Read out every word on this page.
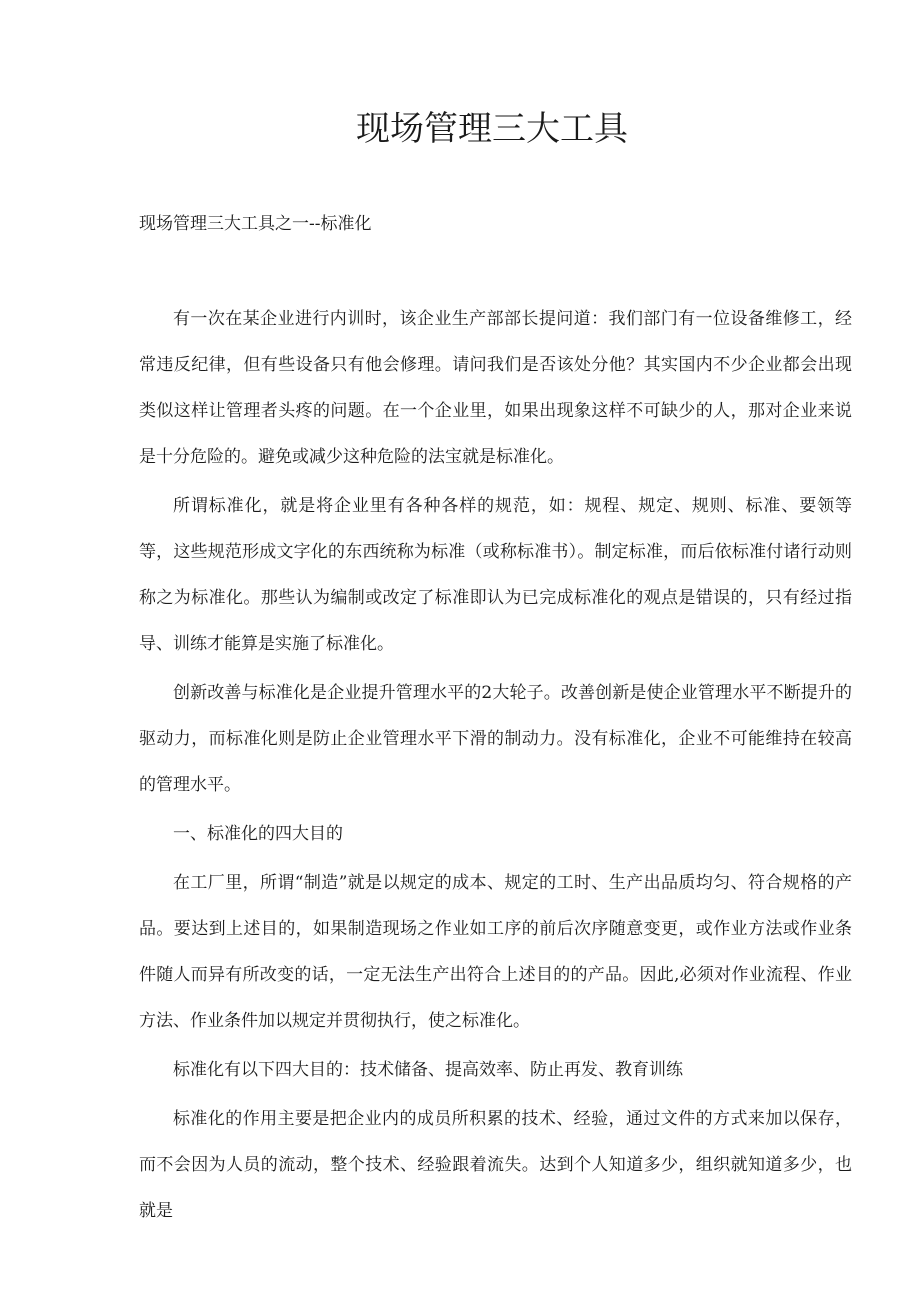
现场管理三大工具

现场管理三大工具之一--标准化

有一次在某企业进行内训时，该企业生产部部长提问道：我们部门有一位设备维修工，经常违反纪律，但有些设备只有他会修理。请问我们是否该处分他？其实国内不少企业都会出现类似这样让管理者头疼的问题。在一个企业里，如果出现象这样不可缺少的人，那对企业来说是十分危险的。避免或减少这种危险的法宝就是标准化。

所谓标准化，就是将企业里有各种各样的规范，如：规程、规定、规则、标准、要领等等，这些规范形成文字化的东西统称为标准（或称标准书）。制定标准，而后依标准付诸行动则称之为标准化。那些认为编制或改定了标准即认为已完成标准化的观点是错误的，只有经过指导、训练才能算是实施了标准化。

创新改善与标准化是企业提升管理水平的2大轮子。改善创新是使企业管理水平不断提升的驱动力，而标准化则是防止企业管理水平下滑的制动力。没有标准化，企业不可能维持在较高的管理水平。

一、标准化的四大目的

在工厂里，所谓“制造”就是以规定的成本、规定的工时、生产出品质均匀、符合规格的产品。要达到上述目的，如果制造现场之作业如工序的前后次序随意变更，或作业方法或作业条件随人而异有所改变的话，一定无法生产出符合上述目的的产品。因此,必须对作业流程、作业方法、作业条件加以规定并贯彻执行，使之标准化。

标准化有以下四大目的：技术储备、提高效率、防止再发、教育训练

标准化的作用主要是把企业内的成员所积累的技术、经验，通过文件的方式来加以保存，而不会因为人员的流动，整个技术、经验跟着流失。达到个人知道多少，组织就知道多少，也就是
